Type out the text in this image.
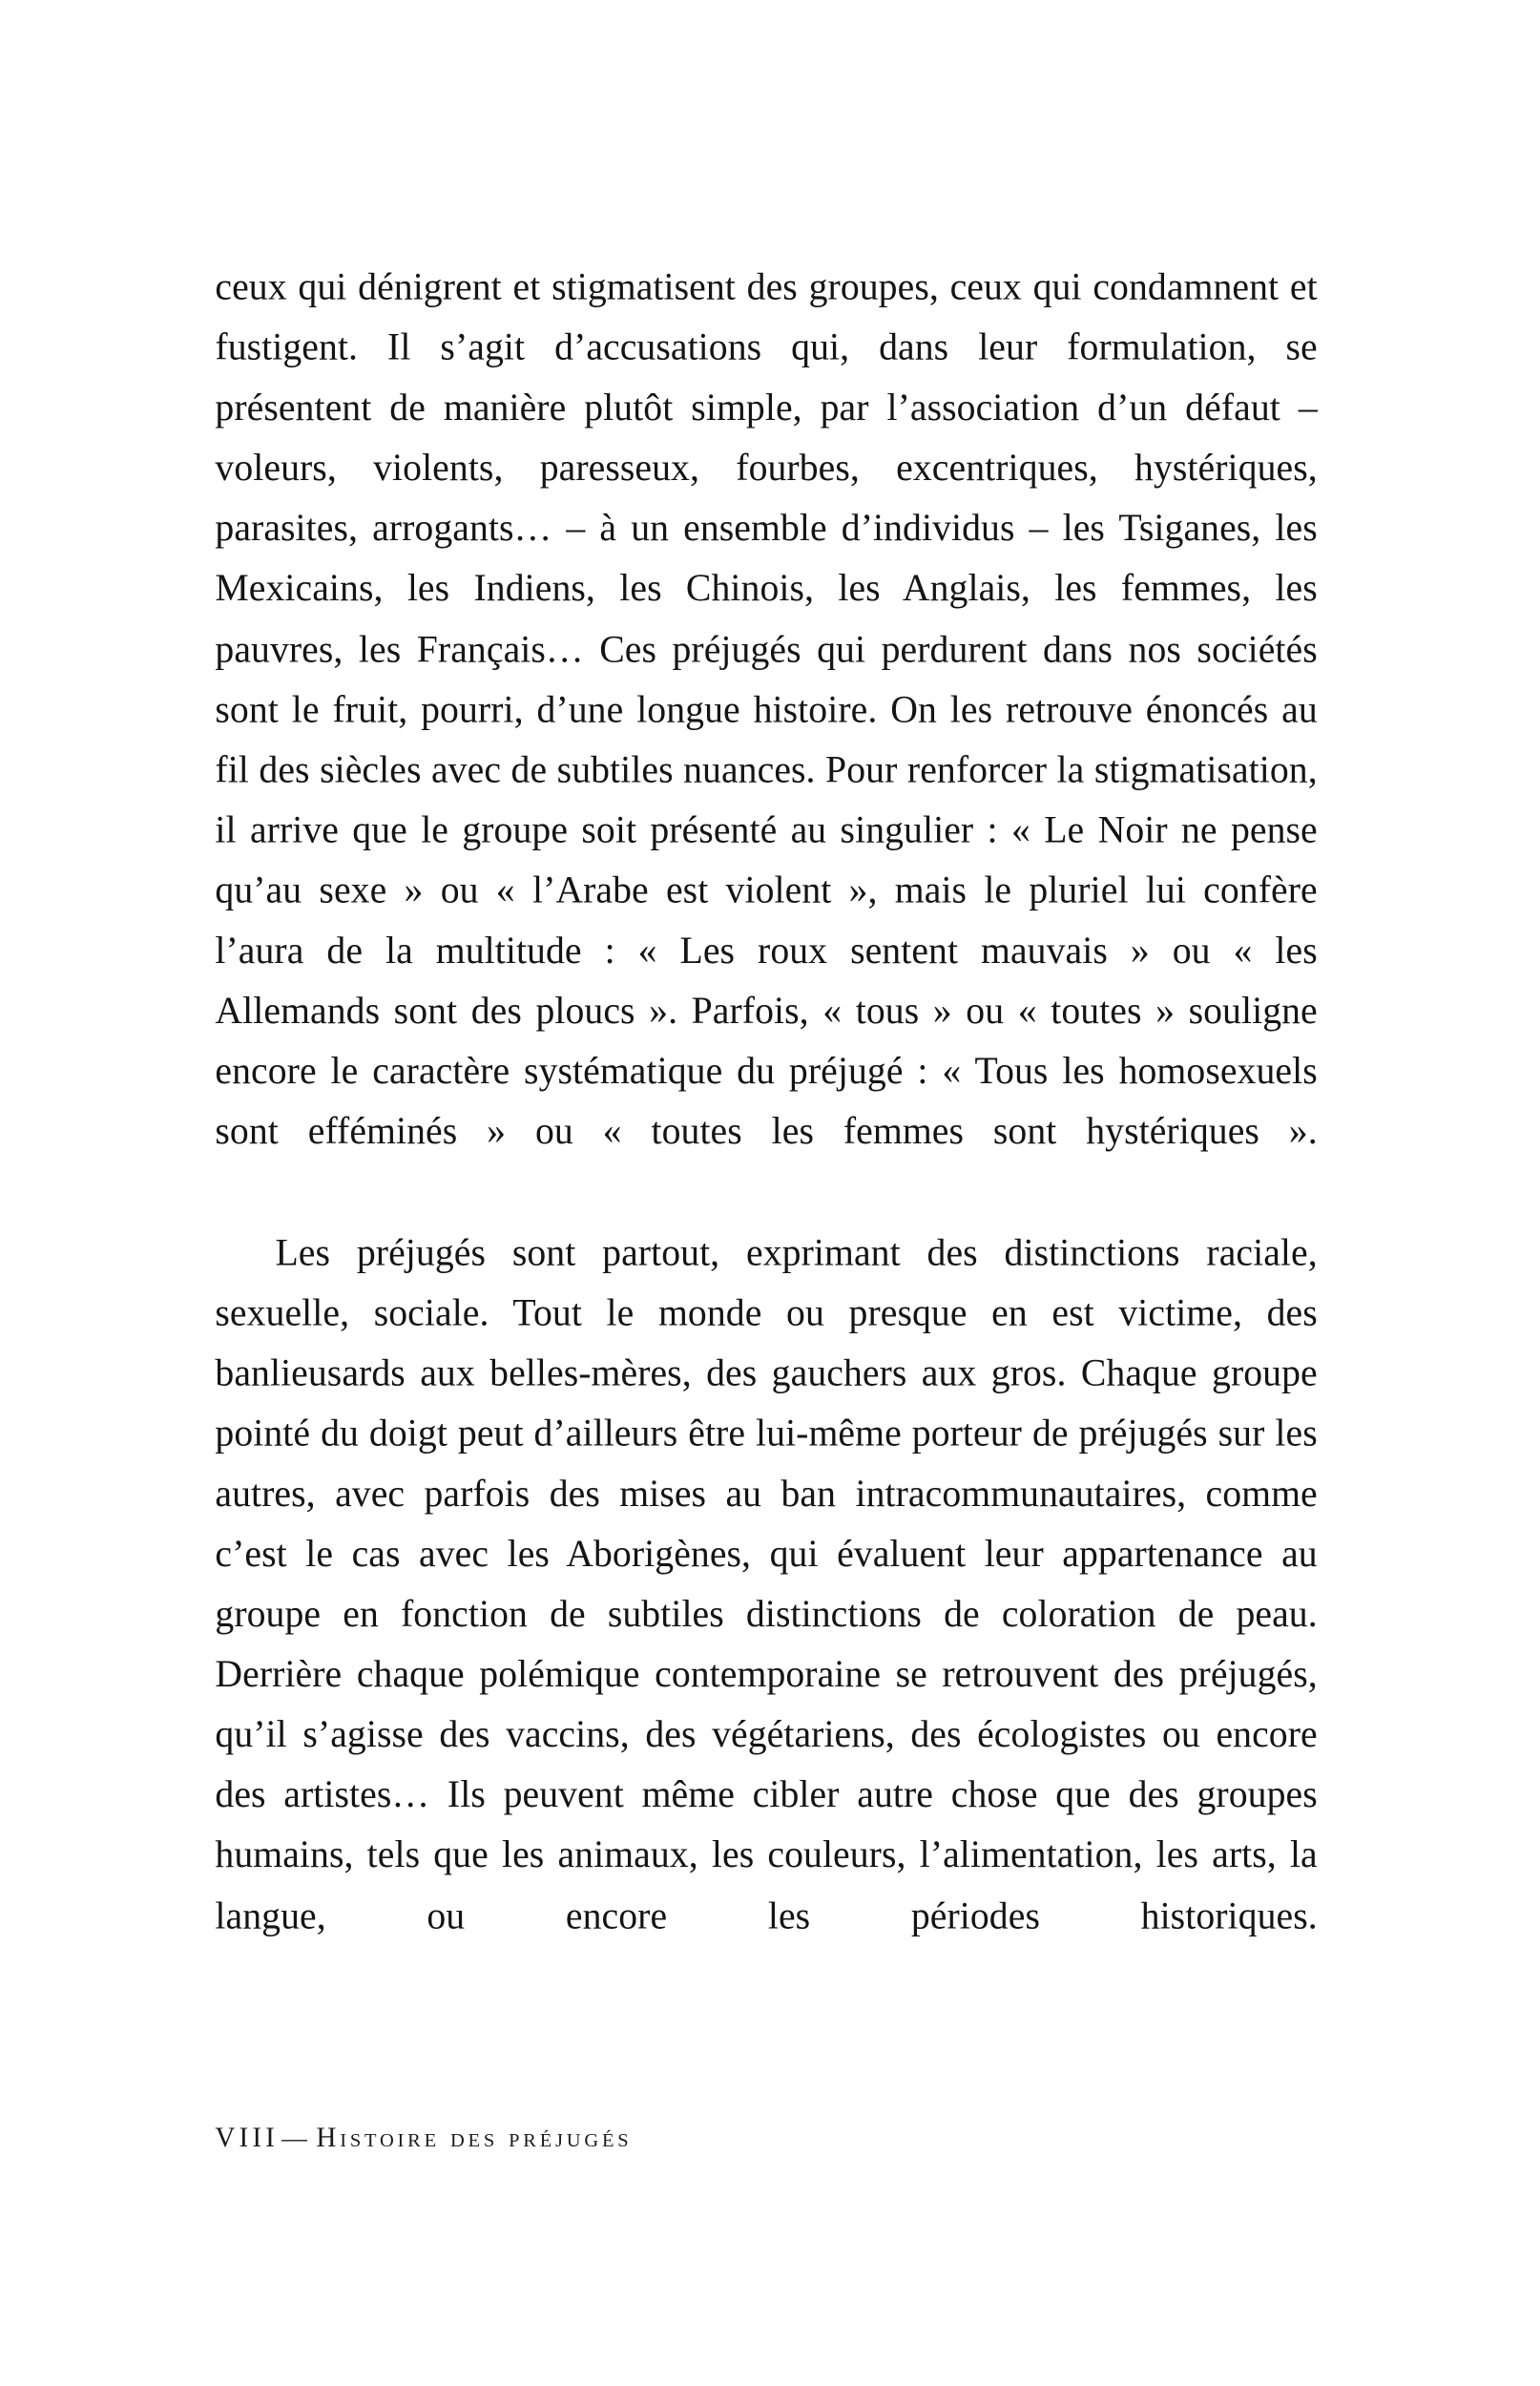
ceux qui dénigrent et stigmatisent des groupes, ceux qui condamnent et fustigent. Il s’agit d’accusations qui, dans leur formulation, se présentent de manière plutôt simple, par l’association d’un défaut – voleurs, violents, paresseux, fourbes, excentriques, hystériques, parasites, arrogants… – à un ensemble d’individus – les Tsiganes, les Mexicains, les Indiens, les Chinois, les Anglais, les femmes, les pauvres, les Français… Ces préjugés qui perdurent dans nos sociétés sont le fruit, pourri, d’une longue histoire. On les retrouve énoncés au fil des siècles avec de subtiles nuances. Pour renforcer la stigmatisation, il arrive que le groupe soit présenté au singulier : « Le Noir ne pense qu’au sexe » ou « l’Arabe est violent », mais le pluriel lui confère l’aura de la multitude : « Les roux sentent mauvais » ou « les Allemands sont des ploucs ». Parfois, « tous » ou « toutes » souligne encore le caractère systématique du préjugé : « Tous les homosexuels sont efféminés » ou « toutes les femmes sont hystériques ».

Les préjugés sont partout, exprimant des distinctions raciale, sexuelle, sociale. Tout le monde ou presque en est victime, des banlieusards aux belles-mères, des gauchers aux gros. Chaque groupe pointé du doigt peut d’ailleurs être lui-même porteur de préjugés sur les autres, avec parfois des mises au ban intracommunautaires, comme c’est le cas avec les Aborigènes, qui évaluent leur appartenance au groupe en fonction de subtiles distinctions de coloration de peau. Derrière chaque polémique contemporaine se retrouvent des préjugés, qu’il s’agisse des vaccins, des végétariens, des écologistes ou encore des artistes… Ils peuvent même cibler autre chose que des groupes humains, tels que les animaux, les couleurs, l’alimentation, les arts, la langue, ou encore les périodes historiques.

VIII — Histoire des préjugés
